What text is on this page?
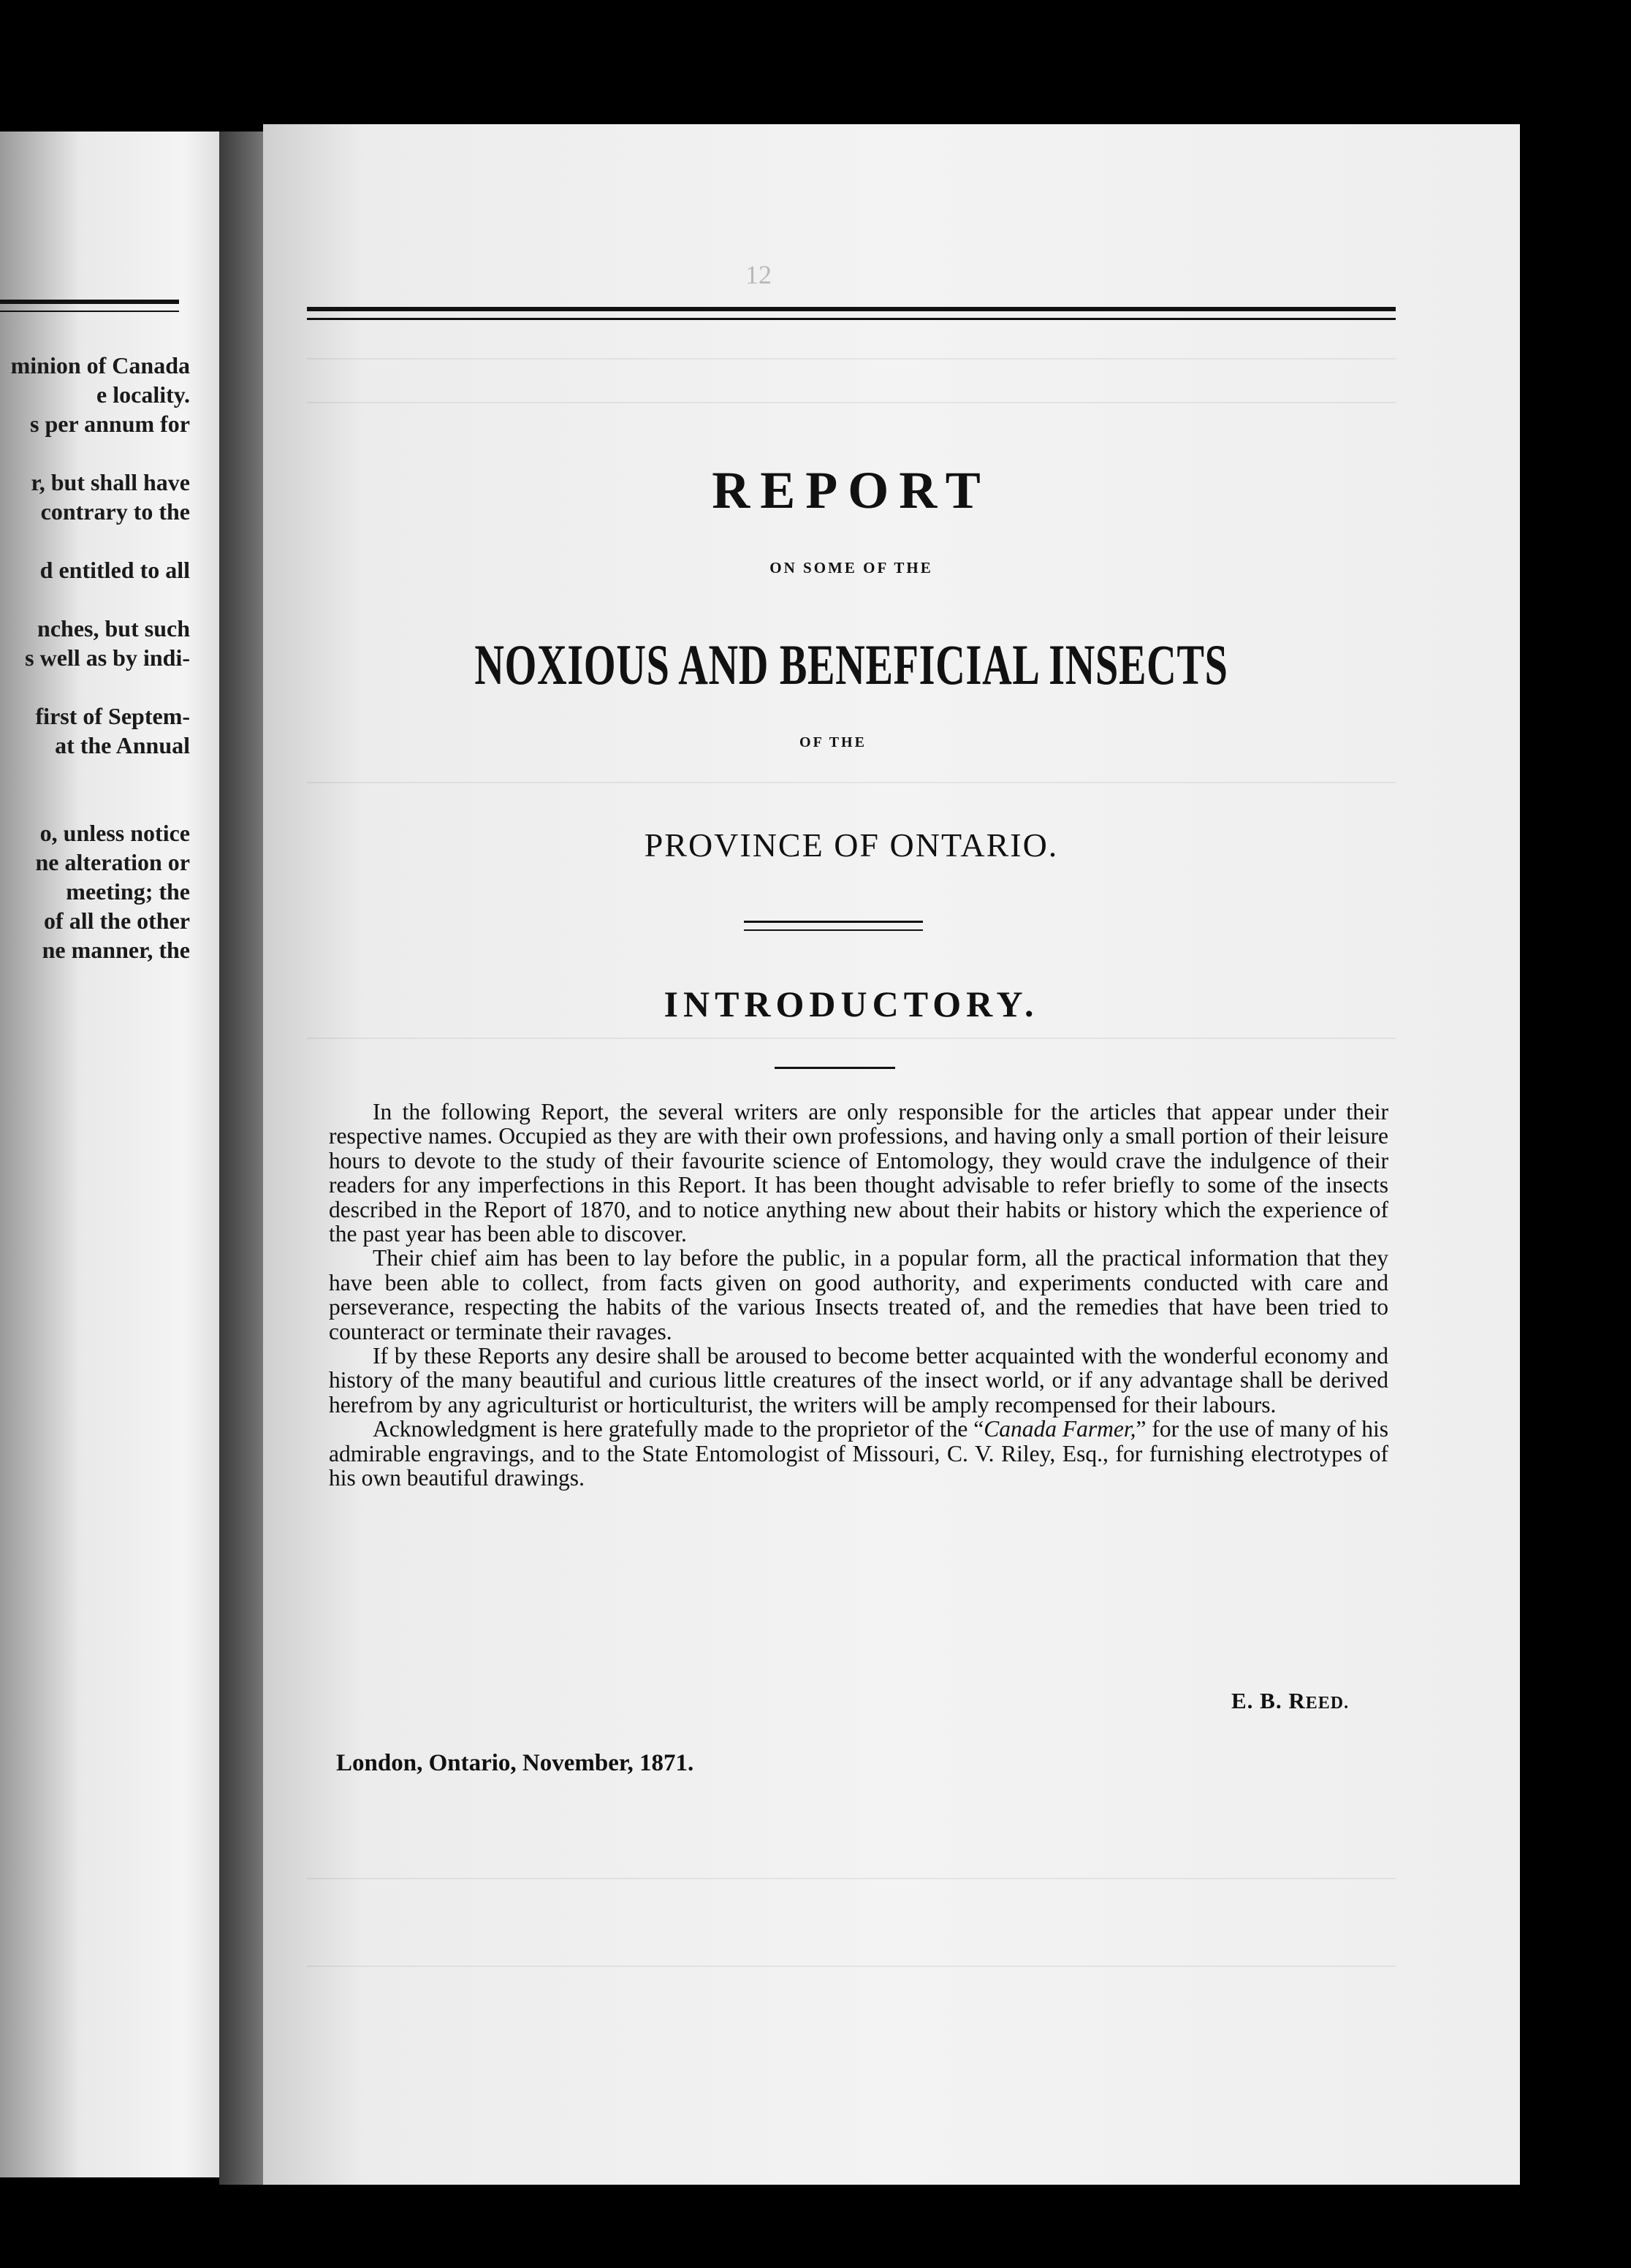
minion of Canada
e locality.
s per annum for
r, but shall have
contrary to the
d entitled to all
nches, but such
s well as by indi-
first of Septem-
at the Annual
o, unless notice
ne alteration or
meeting; the
of all the other
ne manner, the
12
REPORT
ON SOME OF THE
NOXIOUS AND BENEFICIAL INSECTS
OF THE
PROVINCE OF ONTARIO.
INTRODUCTORY.

In the following Report, the several writers are only responsible for the articles that appear under their respective names. Occupied as they are with their own professions, and having only a small portion of their leisure hours to devote to the study of their favourite science of Entomology, they would crave the indulgence of their readers for any imperfections in this Report. It has been thought advisable to refer briefly to some of the insects described in the Report of 1870, and to notice anything new about their habits or history which the experience of the past year has been able to discover.

Their chief aim has been to lay before the public, in a popular form, all the practical information that they have been able to collect, from facts given on good authority, and experiments conducted with care and perseverance, respecting the habits of the various Insects treated of, and the remedies that have been tried to counteract or terminate their ravages.

If by these Reports any desire shall be aroused to become better acquainted with the wonderful economy and history of the many beautiful and curious little creatures of the insect world, or if any advantage shall be derived herefrom by any agriculturist or horticulturist, the writers will be amply recompensed for their labours.

Acknowledgment is here gratefully made to the proprietor of the “Canada Farmer,” for the use of many of his admirable engravings, and to the State Entomologist of Missouri, C. V. Riley, Esq., for furnishing electrotypes of his own beautiful drawings.

E. B. REED.
London, Ontario, November, 1871.
